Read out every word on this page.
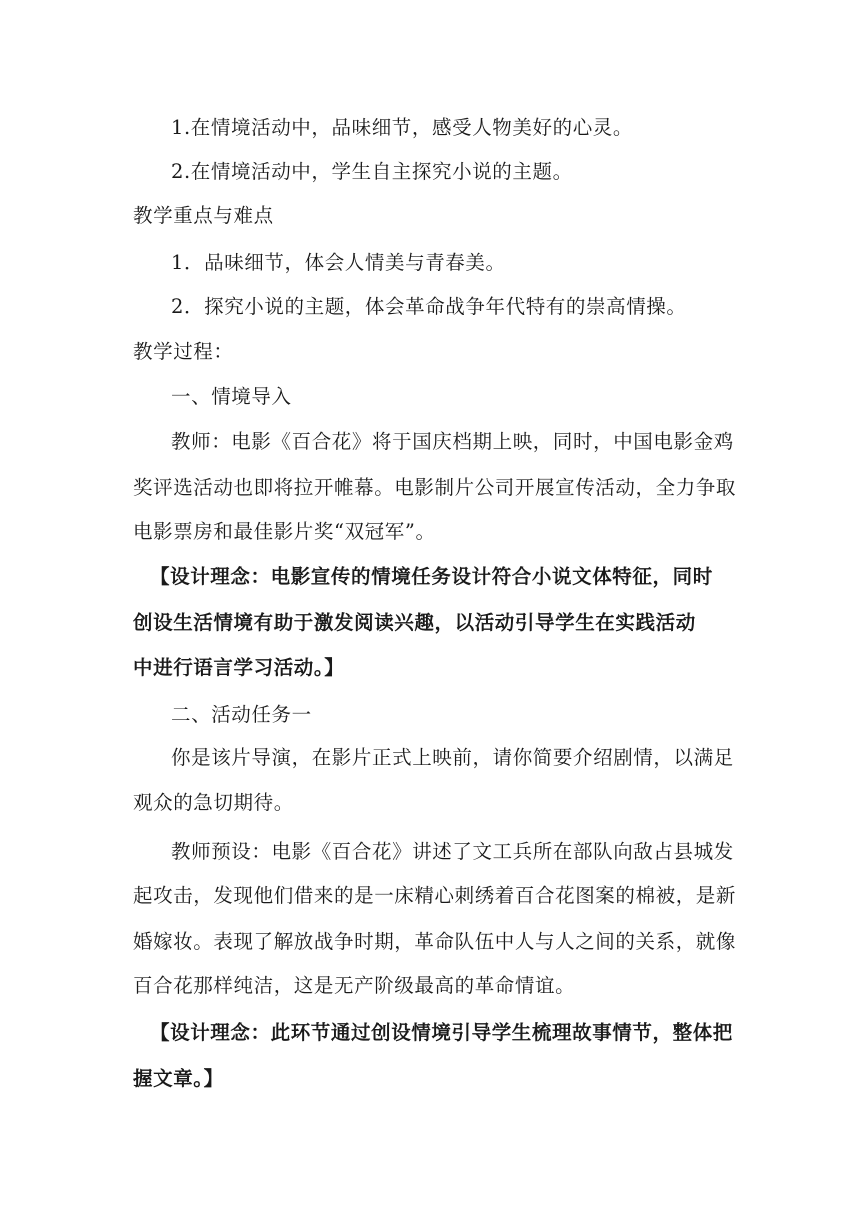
1.在情境活动中，品味细节，感受人物美好的心灵。
2.在情境活动中，学生自主探究小说的主题。
教学重点与难点
1．品味细节，体会人情美与青春美。
2．探究小说的主题，体会革命战争年代特有的崇高情操。
教学过程：
一、情境导入
教师：电影《百合花》将于国庆档期上映，同时，中国电影金鸡
奖评选活动也即将拉开帷幕。电影制片公司开展宣传活动，全力争取
电影票房和最佳影片奖“双冠军”。
【设计理念：电影宣传的情境任务设计符合小说文体特征，同时
创设生活情境有助于激发阅读兴趣，以活动引导学生在实践活动
中进行语言学习活动。】
二、活动任务一
你是该片导演，在影片正式上映前，请你简要介绍剧情，以满足
观众的急切期待。
教师预设：电影《百合花》讲述了文工兵所在部队向敌占县城发
起攻击，发现他们借来的是一床精心刺绣着百合花图案的棉被，是新
婚嫁妆。表现了解放战争时期，革命队伍中人与人之间的关系，就像
百合花那样纯洁，这是无产阶级最高的革命情谊。
【设计理念：此环节通过创设情境引导学生梳理故事情节，整体把
握文章。】
